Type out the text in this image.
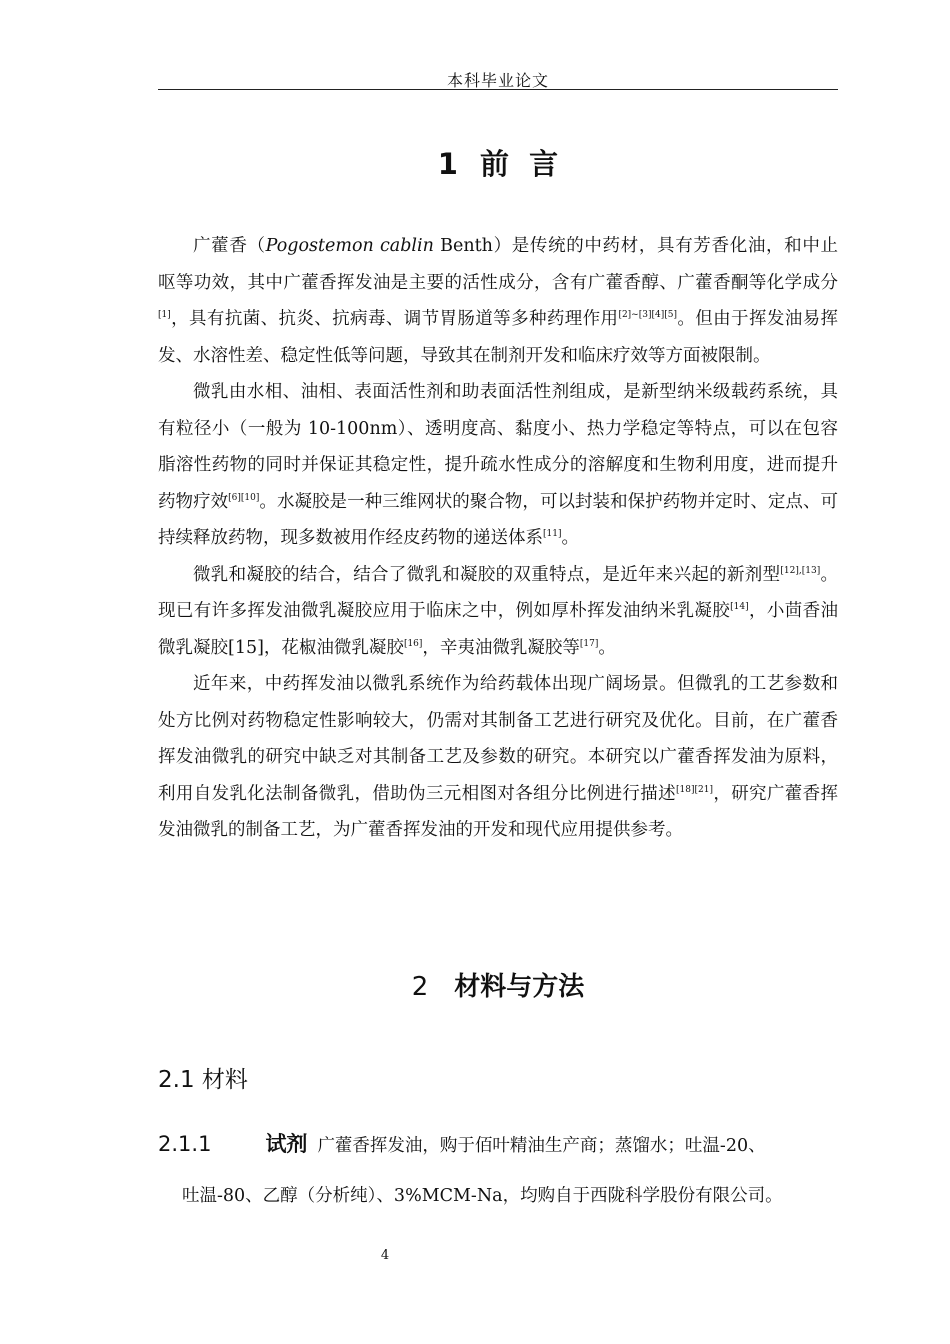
本科毕业论文
1 前  言

广藿香（Pogostemon cablin Benth）是传统的中药材，具有芳香化油，和中止呕等功效，其中广藿香挥发油是主要的活性成分，含有广藿香醇、广藿香酮等化学成分[1]，具有抗菌、抗炎、抗病毒、调节胃肠道等多种药理作用[2]~[3][4][5]。但由于挥发油易挥发、水溶性差、稳定性低等问题，导致其在制剂开发和临床疗效等方面被限制。

微乳由水相、油相、表面活性剂和助表面活性剂组成，是新型纳米级载药系统，具有粒径小（一般为 10-100nm）、透明度高、黏度小、热力学稳定等特点，可以在包容脂溶性药物的同时并保证其稳定性，提升疏水性成分的溶解度和生物利用度，进而提升药物疗效[6][10]。水凝胶是一种三维网状的聚合物，可以封装和保护药物并定时、定点、可持续释放药物，现多数被用作经皮药物的递送体系[11]。

微乳和凝胶的结合，结合了微乳和凝胶的双重特点，是近年来兴起的新剂型[12],[13]。现已有许多挥发油微乳凝胶应用于临床之中，例如厚朴挥发油纳米乳凝胶[14]，小茴香油微乳凝胶[15]，花椒油微乳凝胶[16]，辛夷油微乳凝胶等[17]。

近年来，中药挥发油以微乳系统作为给药载体出现广阔场景。但微乳的工艺参数和处方比例对药物稳定性影响较大，仍需对其制备工艺进行研究及优化。目前，在广藿香挥发油微乳的研究中缺乏对其制备工艺及参数的研究。本研究以广藿香挥发油为原料，利用自发乳化法制备微乳，借助伪三元相图对各组分比例进行描述[18][21]，研究广藿香挥发油微乳的制备工艺，为广藿香挥发油的开发和现代应用提供参考。

2 材料与方法
2.1 材料
2.1.1	试剂 广藿香挥发油，购于佰叶精油生产商；蒸馏水；吐温-20、
吐温-80、乙醇（分析纯）、3%MCM-Na，均购自于西陇科学股份有限公司。
4
